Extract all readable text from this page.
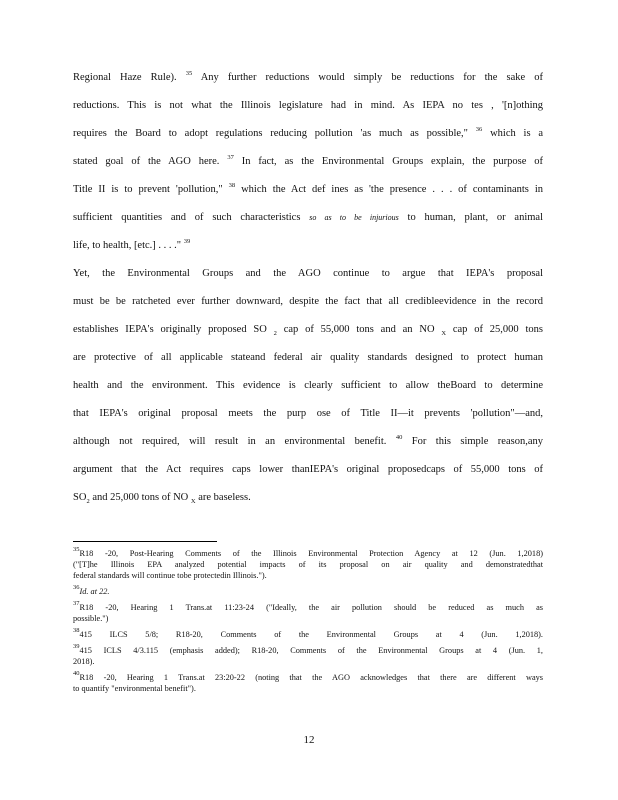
Regional Haze Rule). $^{35}$ Any further reductions would simply be reductions for the sake of
reductions. This is not what the Illinois legislature had in mind. As IEPA no tes , '[n]othing
requires the Board to adopt regulations reducing pollution 'as much as possible," $^{36}$ which is a
stated goal of the AGO here. $^{37}$ In fact, as the Environmental Groups explain, the purpose of
Title II is to prevent 'pollution," $^{38}$ which the Act def ines as 'the presence . . . of contaminants in
sufficient quantities and of such characteristics so as to be injurious to human, plant, or animal
life, to health, [etc.] . . . ." $^{39}$
Yet, the Environmental Groups and the AGO continue to argue that IEPA's proposal
must be be ratcheted ever further downward, despite the fact that all credibleevidence in the record
establishes IEPA's originally proposed SO $_2$ cap of 55,000 tons and an NO $_X$ cap of 25,000 tons
are protective of all applicable stateand federal air quality standards designed to protect human
health and the environment. This evidence is clearly sufficient to allow theBoard to determine
that IEPA's original proposal meets the purp ose of Title II—it prevents 'pollution"—and,
although not required, will result in an environmental benefit. $^{40}$ For this simple reason,any
argument that the Act requires caps lower thanIEPA's original proposedcaps of 55,000 tons of
$SO_2$ and 25,000 tons of NO $_X$ are baseless.
$^{35}$R18 -20, Post-Hearing Comments of the Illinois Environmental Protection Agency at 12 (Jun. 1,2018)
("[T]he Illinois EPA analyzed potential impacts of its proposal on air quality and demonstratedthat
federal standards will continue tobe protectedin Illinois.").
$^{36}$Id. at 22.
$^{37}$R18 -20, Hearing 1 Trans.at 11:23-24 ("Ideally, the air pollution should be reduced as much as
possible.")
$^{38}$415 ILCS 5/8; R18-20, Comments of the Environmental Groups at 4 (Jun. 1,2018).
$^{39}$415 ICLS 4/3.115 (emphasis added); R18-20, Comments of the Environmental Groups at 4 (Jun. 1,
2018).
$^{40}$R18 -20, Hearing 1 Trans.at 23:20-22 (noting that the AGO acknowledges that there are different ways
to quantify "environmental benefit").
12
